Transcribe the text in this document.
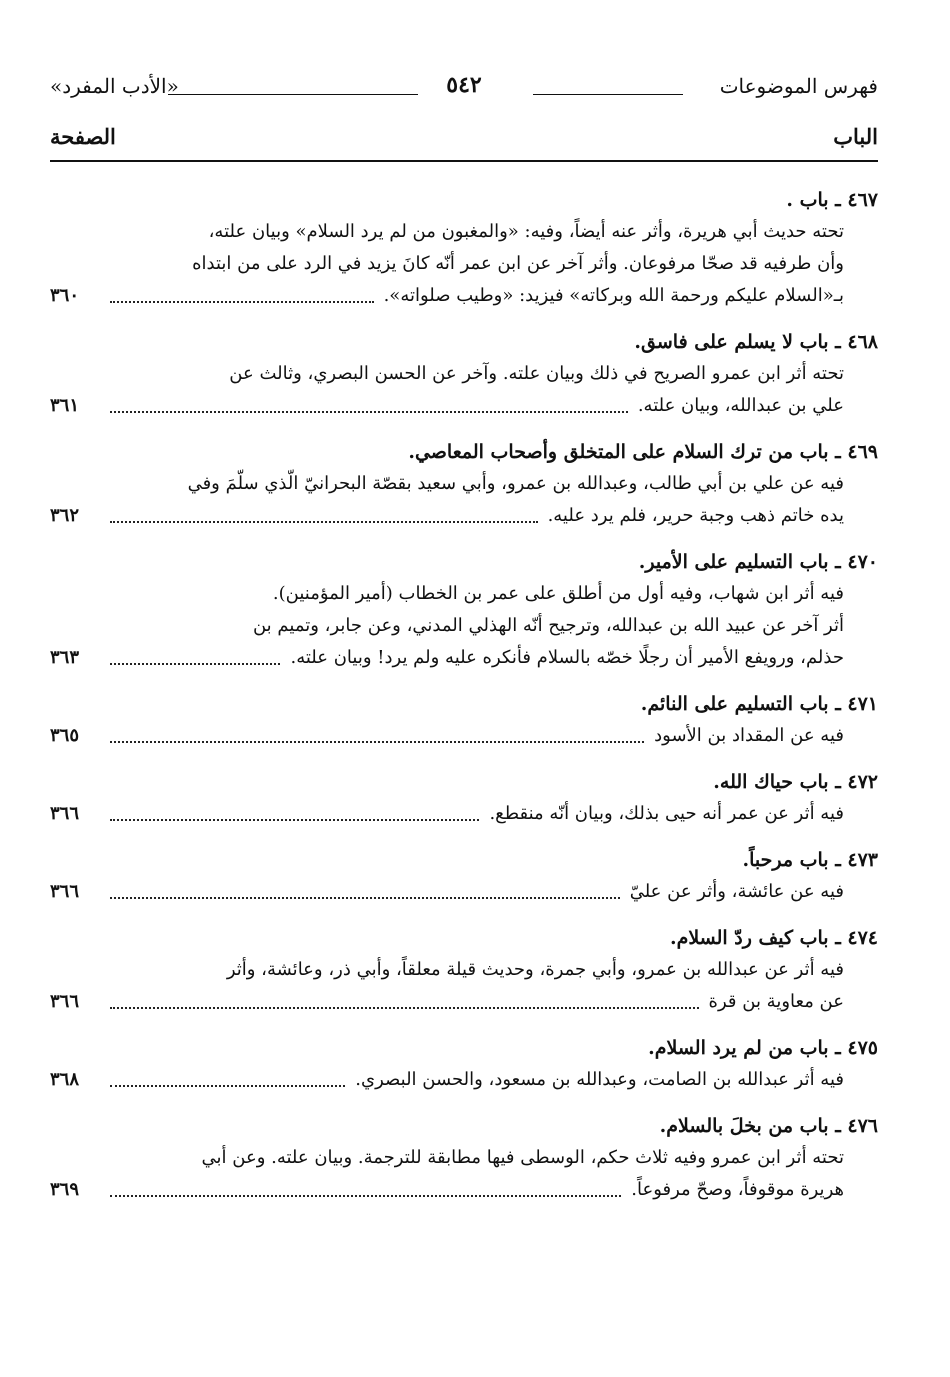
فهرس الموضوعات
٥٤٢
«الأدب المفرد»
الباب
الصفحة
٤٦٧ ـ باب .
تحته حديث أبي هريرة، وأثر عنه أيضاً، وفيه: «والمغبون من لم يرد السلام» وبيان علته،
وأن طرفيه قد صحّا مرفوعان. وأثر آخر عن ابن عمر أنّه كانَ يزيد في الرد على من ابتداه
بـ«السلام عليكم ورحمة الله وبركاته» فيزيد: «وطيب صلواته».
٣٦٠
٤٦٨ ـ باب لا يسلم على فاسق.
تحته أثر ابن عمرو الصريح في ذلك وبيان علته. وآخر عن الحسن البصري، وثالث عن
علي بن عبدالله، وبيان علته.
٣٦١
٤٦٩ ـ باب من ترك السلام على المتخلق وأصحاب المعاصي.
فيه عن علي بن أبي طالب، وعبدالله بن عمرو، وأبي سعيد بقصّة البحرانيّ الّذي سلّمَ وفي
يده خاتم ذهب وجبة حرير، فلم يرد عليه.
٣٦٢
٤٧٠ ـ باب التسليم على الأمير.
فيه أثر ابن شهاب، وفيه أول من أطلق على عمر بن الخطاب (أمير المؤمنين).
أثر آخر عن عبيد الله بن عبدالله، وترجيح أنّه الهذلي المدني، وعن جابر، وتميم بن
حذلم، ورويفع الأمير أن رجلًا خصّه بالسلام فأنكره عليه ولم يرد! وبيان علته.
٣٦٣
٤٧١ ـ باب التسليم على النائم.
فيه عن المقداد بن الأسود
٣٦٥
٤٧٢ ـ باب حياك الله.
فيه أثر عن عمر أنه حيى بذلك، وبيان أنّه منقطع.
٣٦٦
٤٧٣ ـ باب مرحباً.
فيه عن عائشة، وأثر عن عليّ
٣٦٦
٤٧٤ ـ باب كيف ردّ السلام.
فيه أثر عن عبدالله بن عمرو، وأبي جمرة، وحديث قيلة معلقاً، وأبي ذر، وعائشة، وأثر
عن معاوية بن قرة
٣٦٦
٤٧٥ ـ باب من لم يرد السلام.
فيه أثر عبدالله بن الصامت، وعبدالله بن مسعود، والحسن البصري.
٣٦٨
٤٧٦ ـ باب من بخلَ بالسلام.
تحته أثر ابن عمرو وفيه ثلاث حكم، الوسطى فيها مطابقة للترجمة. وبيان علته. وعن أبي
هريرة موقوفاً، وصحّ مرفوعاً.
٣٦٩
